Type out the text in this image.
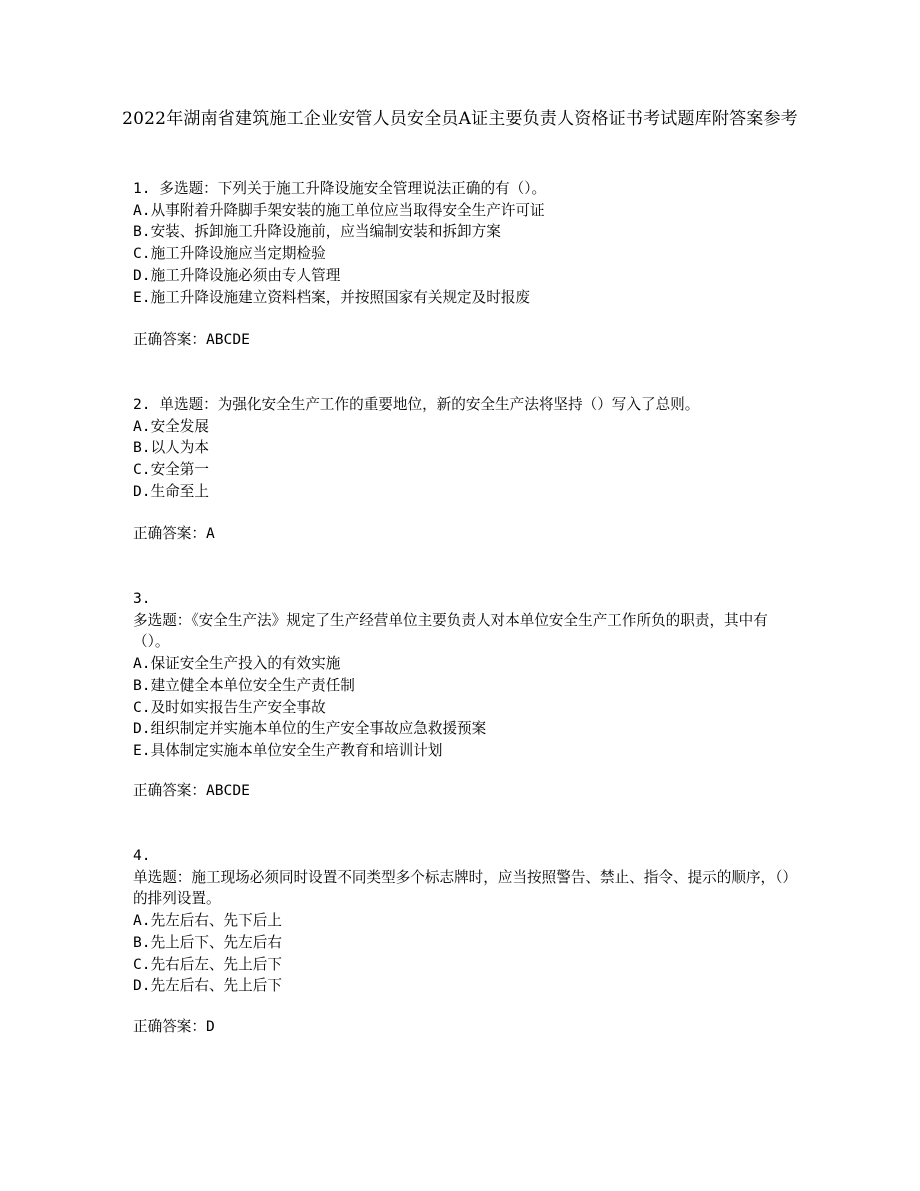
2022年湖南省建筑施工企业安管人员安全员A证主要负责人资格证书考试题库附答案参考
1. 多选题：下列关于施工升降设施安全管理说法正确的有（）。
A.从事附着升降脚手架安装的施工单位应当取得安全生产许可证
B.安装、拆卸施工升降设施前，应当编制安装和拆卸方案
C.施工升降设施应当定期检验
D.施工升降设施必须由专人管理
E.施工升降设施建立资料档案，并按照国家有关规定及时报废
正确答案：ABCDE
2. 单选题：为强化安全生产工作的重要地位，新的安全生产法将坚持（）写入了总则。
A.安全发展
B.以人为本
C.安全第一
D.生命至上
正确答案：A
3.
多选题：《安全生产法》规定了生产经营单位主要负责人对本单位安全生产工作所负的职责，其中有（）。
A.保证安全生产投入的有效实施
B.建立健全本单位安全生产责任制
C.及时如实报告生产安全事故
D.组织制定并实施本单位的生产安全事故应急救援预案
E.具体制定实施本单位安全生产教育和培训计划
正确答案：ABCDE
4.
单选题：施工现场必须同时设置不同类型多个标志牌时，应当按照警告、禁止、指令、提示的顺序，（）的排列设置。
A.先左后右、先下后上
B.先上后下、先左后右
C.先右后左、先上后下
D.先左后右、先上后下
正确答案：D
